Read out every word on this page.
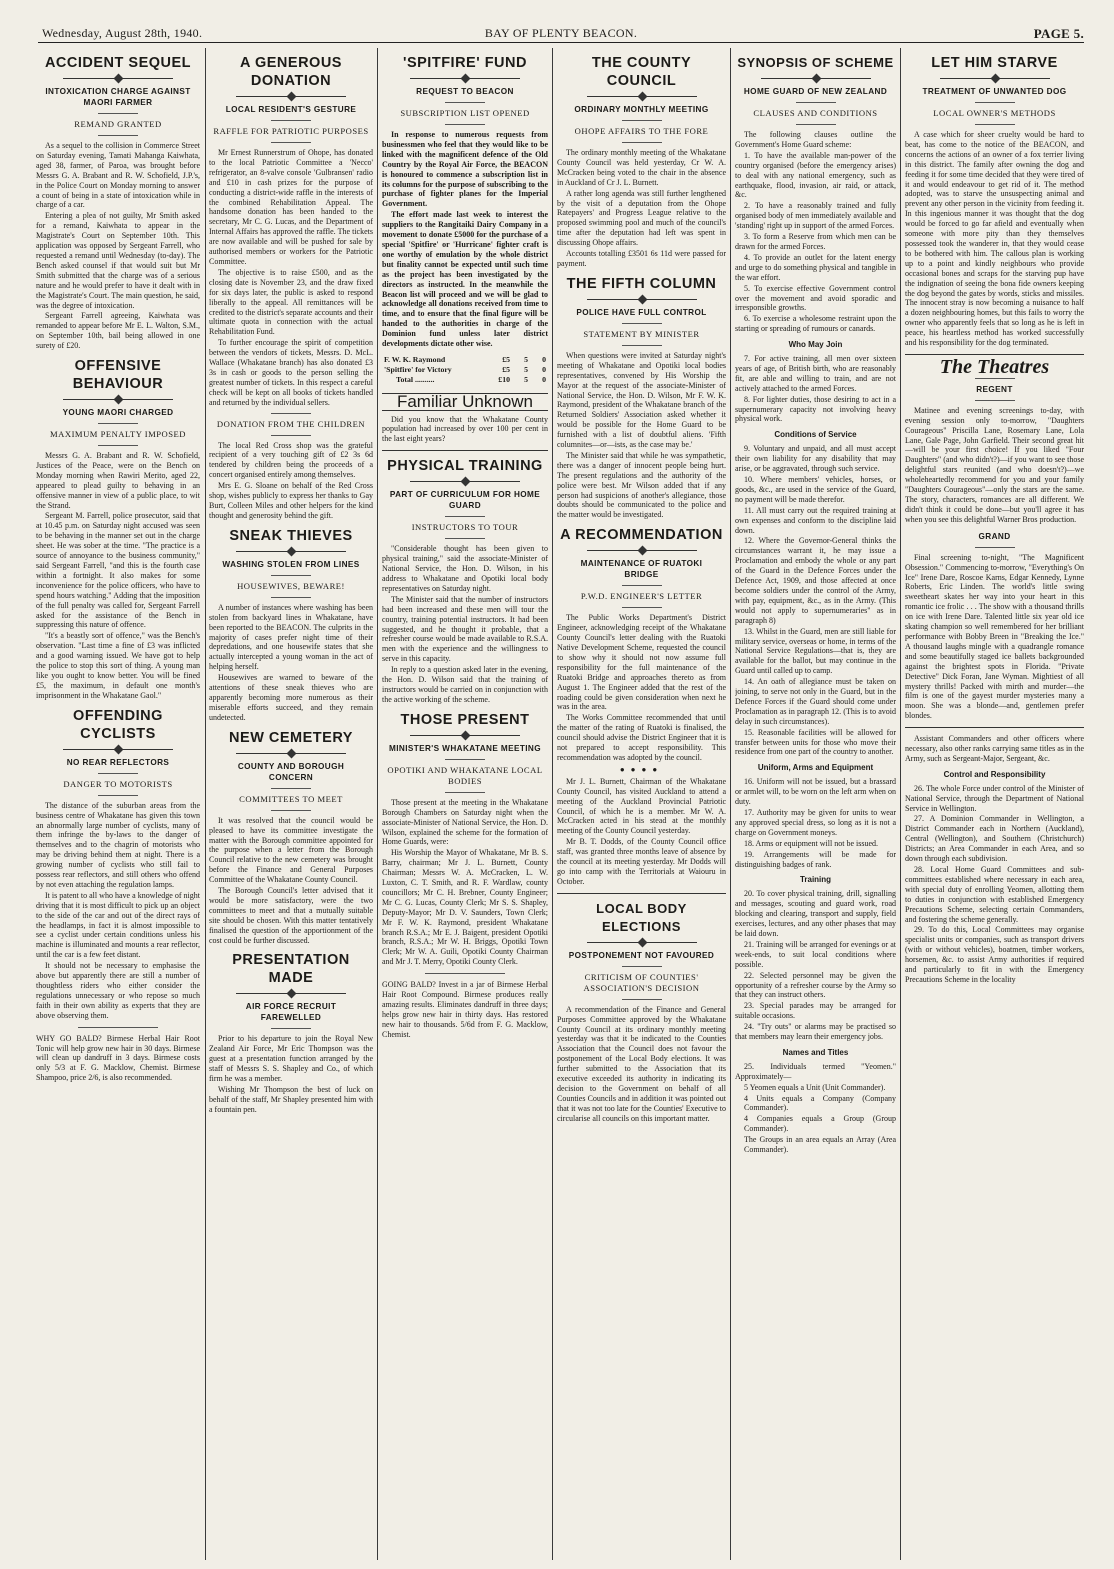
Wednesday, August 28th, 1940.	BAY OF PLENTY BEACON.	PAGE 5.
ACCIDENT SEQUEL
INTOXICATION CHARGE AGAINST MAORI FARMER
REMAND GRANTED

As a sequel to the collision in Commerce Street on Saturday evening, Tamati Mahanga Kaiwhata, aged 38, farmer, of Paroa, was brought before Messrs G. A. Brabant and R. W. Schofield, J.P.'s, in the Police Court on Monday morning to answer a count of being in a state of intoxication while in charge of a car.

Entering a plea of not guilty, Mr Smith asked for a remand, Kaiwhata to appear in the Magistrate's Court on September 10th. This application was opposed by Sergeant Farrell, who requested a remand until Wednesday (to-day). The Bench asked counsel if that would suit but Mr Smith submitted that the charge was of a serious nature and he would prefer to have it dealt with in the Magistrate's Court. The main question, he said, was the degree of intoxication.

Sergeant Farrell agreeing, Kaiwhata was remanded to appear before Mr E. L. Walton, S.M., on September 10th, bail being allowed in one surety of £20.

OFFENSIVE BEHAVIOUR
YOUNG MAORI CHARGED
MAXIMUM PENALTY IMPOSED

Messrs G. A. Brabant and R. W. Schofield, Justices of the Peace, were on the Bench on Monday morning when Rawiri Merito, aged 22, appeared to plead guilty to behaving in an offensive manner in view of a public place, to wit the Strand.

Sergeant M. Farrell, police prosecutor, said that at 10.45 p.m. on Saturday night accused was seen to be behaving in the manner set out in the charge sheet. He was sober at the time. "The practice is a source of annoyance to the business community," said Sergeant Farrell, "and this is the fourth case within a fortnight. It also makes for some inconvenience for the police officers, who have to spend hours watching." Adding that the imposition of the full penalty was called for, Sergeant Farrell asked for the assistance of the Bench in suppressing this nature of offence.

"It's a beastly sort of offence," was the Bench's observation. "Last time a fine of £3 was inflicted and a good warning issued. We have got to help the police to stop this sort of thing. A young man like you ought to know better. You will be fined £5, the maximum, in default one month's imprisonment in the Whakatane Gaol."

OFFENDING CYCLISTS
NO REAR REFLECTORS
DANGER TO MOTORISTS

The distance of the suburban areas from the business centre of Whakatane has given this town an abnormally large number of cyclists, many of them infringe the by-laws to the danger of themselves and to the chagrin of motorists who may be driving behind them at night. There is a growing number of cyclists who still fail to possess rear reflectors, and still others who offend by not even attaching the regulation lamps.

It is patent to all who have a knowledge of night driving that it is most difficult to pick up an object to the side of the car and out of the direct rays of the headlamps, in fact it is almost impossible to see a cyclist under certain conditions unless his machine is illuminated and mounts a rear reflector, until the car is a few feet distant.

It should not be necessary to emphasise the above but apparently there are still a number of thoughtless riders who either consider the regulations unnecessary or who repose so much faith in their own ability as experts that they are above observing them.

WHY GO BALD? Birmese Herbal Hair Root Tonic will help grow new hair in 30 days. Birmese will clean up dandruff in 3 days. Birmese costs only 5/3 at F. G. Macklow, Chemist. Birmese Shampoo, price 2/6, is also recommended.

A GENEROUS DONATION
LOCAL RESIDENT'S GESTURE
RAFFLE FOR PATRIOTIC PURPOSES

Mr Ernest Runnerstrum of Ohope, has donated to the local Patriotic Committee a 'Necco' refrigerator, an 8-valve console 'Gulbransen' radio and £10 in cash prizes for the purpose of conducting a district-wide raffle in the interests of the combined Rehabilitation Appeal. The handsome donation has been handed to the secretary, Mr C. G. Lucas, and the Department of Internal Affairs has approved the raffle. The tickets are now available and will be pushed for sale by authorised members or workers for the Patriotic Committee.

The objective is to raise £500, and as the closing date is November 23, and the draw fixed for six days later, the public is asked to respond liberally to the appeal. All remittances will be credited to the district's separate accounts and their ultimate quota in connection with the actual Rehabilitation Fund.

To further encourage the spirit of competition between the vendors of tickets, Messrs. D. McL. Wallace (Whakatane branch) has also donated £3 3s in cash or goods to the person selling the greatest number of tickets. In this respect a careful check will be kept on all books of tickets handled and returned by the individual sellers.

DONATION FROM THE CHILDREN

The local Red Cross shop was the grateful recipient of a very touching gift of £2 3s 6d tendered by children being the proceeds of a concert organised entirely among themselves.

Mrs E. G. Sloane on behalf of the Red Cross shop, wishes publicly to express her thanks to Gay Burt, Colleen Miles and other helpers for the kind thought and generosity behind the gift.

SNEAK THIEVES
WASHING STOLEN FROM LINES
HOUSEWIVES, BEWARE!

A number of instances where washing has been stolen from backyard lines in Whakatane, have been reported to the BEACON. The culprits in the majority of cases prefer night time of their depredations, and one housewife states that she actually intercepted a young woman in the act of helping herself.

Housewives are warned to beware of the attentions of these sneak thieves who are apparently becoming more numerous as their miserable efforts succeed, and they remain undetected.

NEW CEMETERY
COUNTY AND BOROUGH CONCERN
COMMITTEES TO MEET

It was resolved that the council would be pleased to have its committee investigate the matter with the Borough committee appointed for the purpose when a letter from the Borough Council relative to the new cemetery was brought before the Finance and General Purposes Committee of the Whakatane County Council.

The Borough Council's letter advised that it would be more satisfactory, were the two committees to meet and that a mutually suitable site should be chosen. With this matter tentatively finalised the question of the apportionment of the cost could be further discussed.

PRESENTATION MADE
AIR FORCE RECRUIT FAREWELLED

Prior to his departure to join the Royal New Zealand Air Force, Mr Eric Thompson was the guest at a presentation function arranged by the staff of Messrs S. S. Shapley and Co., of which firm he was a member.

Wishing Mr Thompson the best of luck on behalf of the staff, Mr Shapley presented him with a fountain pen.

'SPITFIRE' FUND
REQUEST TO BEACON
SUBSCRIPTION LIST OPENED

In response to numerous requests from businessmen who feel that they would like to be linked with the magnificent defence of the Old Country by the Royal Air Force, the BEACON is honoured to commence a subscription list in its columns for the purpose of subscribing to the purchase of fighter planes for the Imperial Government.

The effort made last week to interest the suppliers to the Rangitaiki Dairy Company in a movement to donate £5000 for the purchase of a special 'Spitfire' or 'Hurricane' fighter craft is one worthy of emulation by the whole district but finality cannot be expected until such time as the project has been investigated by the directors as instructed. In the meanwhile the Beacon list will proceed and we will be glad to acknowledge all donations received from time to time, and to ensure that the final figure will be handed to the authorities in charge of the Dominion fund unless later district developments dictate other wise.

F. W. K. Raymond	£5	5	0
'Spitfire' for Victory	£5	5	0
Total ..........	£10	5	0
Familiar Unknown

Did you know that the Whakatane County population had increased by over 100 per cent in the last eight years?

PHYSICAL TRAINING
PART OF CURRICULUM FOR HOME GUARD
INSTRUCTORS TO TOUR

"Considerable thought has been given to physical training," said the associate-Minister of National Service, the Hon. D. Wilson, in his address to Whakatane and Opotiki local body representatives on Saturday night.

The Minister said that the number of instructors had been increased and these men will tour the country, training potential instructors. It had been suggested, and he thought it probable, that a refresher course would be made available to R.S.A. men with the experience and the willingness to serve in this capacity.

In reply to a question asked later in the evening, the Hon. D. Wilson said that the training of instructors would be carried on in conjunction with the active working of the scheme.

THOSE PRESENT
MINISTER'S WHAKATANE MEETING
OPOTIKI AND WHAKATANE LOCAL BODIES

Those present at the meeting in the Whakatane Borough Chambers on Saturday night when the associate-Minister of National Service, the Hon. D. Wilson, explained the scheme for the formation of Home Guards, were:

His Worship the Mayor of Whakatane, Mr B. S. Barry, chairman; Mr J. L. Burnett, County Chairman; Messrs W. A. McCracken, L. W. Luxton, C. T. Smith, and R. F. Wardlaw, county councillors; Mr C. H. Brebner, County Engineer; Mr C. G. Lucas, County Clerk; Mr S. S. Shapley, Deputy-Mayor; Mr D. V. Saunders, Town Clerk; Mr F. W. K. Raymond, president Whakatane branch R.S.A.; Mr E. J. Baigent, president Opotiki branch, R.S.A.; Mr W. H. Briggs, Opotiki Town Clerk; Mr W. A. Guili, Opotiki County Chairman and Mr J. T. Merry, Opotiki County Clerk.

GOING BALD? Invest in a jar of Birmese Herbal Hair Root Compound. Birmese produces really amazing results. Eliminates dandruff in three days; helps grow new hair in thirty days. Has restored new hair to thousands. 5/6d from F. G. Macklow, Chemist.

THE COUNTY COUNCIL
ORDINARY MONTHLY MEETING
OHOPE AFFAIRS TO THE FORE

The ordinary monthly meeting of the Whakatane County Council was held yesterday, Cr W. A. McCracken being voted to the chair in the absence in Auckland of Cr J. L. Burnett.

A rather long agenda was still further lengthened by the visit of a deputation from the Ohope Ratepayers' and Progress League relative to the proposed swimming pool and much of the council's time after the deputation had left was spent in discussing Ohope affairs.

Accounts totalling £3501 6s 11d were passed for payment.

THE FIFTH COLUMN
POLICE HAVE FULL CONTROL
STATEMENT BY MINISTER

When questions were invited at Saturday night's meeting of Whakatane and Opotiki local bodies representatives, convened by His Worship the Mayor at the request of the associate-Minister of National Service, the Hon. D. Wilson, Mr F. W. K. Raymond, president of the Whakatane branch of the Returned Soldiers' Association asked whether it would be possible for the Home Guard to be furnished with a list of doubtful aliens. 'Fifth columnites—or—ists, as the case may be.'

The Minister said that while he was sympathetic, there was a danger of innocent people being hurt. The present regulations and the authority of the police were best. Mr Wilson added that if any person had suspicions of another's allegiance, those doubts should be communicated to the police and the matter would be investigated.

A RECOMMENDATION
MAINTENANCE OF RUATOKI BRIDGE
P.W.D. ENGINEER'S LETTER

The Public Works Department's District Engineer, acknowledging receipt of the Whakatane County Council's letter dealing with the Ruatoki Native Development Scheme, requested the council to show why it should not now assume full responsibility for the full maintenance of the Ruatoki Bridge and approaches thereto as from August 1. The Engineer added that the rest of the roading could be given consideration when next he was in the area.

The Works Committee recommended that until the matter of the rating of Ruatoki is finalised, the council should advise the District Engineer that it is not prepared to accept responsibility. This recommendation was adopted by the council.

●●●●

Mr J. L. Burnett, Chairman of the Whakatane County Council, has visited Auckland to attend a meeting of the Auckland Provincial Patriotic Council, of which he is a member. Mr W. A. McCracken acted in his stead at the monthly meeting of the County Council yesterday.

Mr B. T. Dodds, of the County Council office staff, was granted three months leave of absence by the council at its meeting yesterday. Mr Dodds will go into camp with the Territorials at Waiouru in October.

LOCAL BODY ELECTIONS
POSTPONEMENT NOT FAVOURED
CRITICISM OF COUNTIES' ASSOCIATION'S DECISION

A recommendation of the Finance and General Purposes Committee approved by the Whakatane County Council at its ordinary monthly meeting yesterday was that it be indicated to the Counties Association that the Council does not favour the postponement of the Local Body elections. It was further submitted to the Association that its executive exceeded its authority in indicating its decision to the Government on behalf of all Counties Councils and in addition it was pointed out that it was not too late for the Counties' Executive to circularise all councils on this important matter.

SYNOPSIS OF SCHEME
HOME GUARD OF NEW ZEALAND
CLAUSES AND CONDITIONS

The following clauses outline the Government's Home Guard scheme:

1. To have the available man-power of the country organised (before the emergency arises) to deal with any national emergency, such as earthquake, flood, invasion, air raid, or attack, &c.

2. To have a reasonably trained and fully organised body of men immediately available and 'standing' right up in support of the armed Forces.

3. To form a Reserve from which men can be drawn for the armed Forces.

4. To provide an outlet for the latent energy and urge to do something physical and tangible in the war effort.

5. To exercise effective Government control over the movement and avoid sporadic and irresponsible growths.

6. To exercise a wholesome restraint upon the starting or spreading of rumours or canards.

Who May Join

7. For active training, all men over sixteen years of age, of British birth, who are reasonably fit, are able and willing to train, and are not actively attached to the armed Forces.

8. For lighter duties, those desiring to act in a supernumerary capacity not involving heavy physical work.

Conditions of Service

9. Voluntary and unpaid, and all must accept their own liability for any disability that may arise, or be aggravated, through such service.

10. Where members' vehicles, horses, or goods, &c., are used in the service of the Guard, no payment will be made therefor.

11. All must carry out the required training at own expenses and conform to the discipline laid down.

12. Where the Governor-General thinks the circumstances warrant it, he may issue a Proclamation and embody the whole or any part of the Guard in the Defence Forces under the Defence Act, 1909, and those affected at once become soldiers under the control of the Army, with pay, equipment, &c., as in the Army. (This would not apply to supernumeraries" as in paragraph 8)

13. Whilst in the Guard, men are still liable for military service, overseas or home, in terms of the National Service Regulations—that is, they are available for the ballot, but may continue in the Guard until called up to camp.

14. An oath of allegiance must be taken on joining, to serve not only in the Guard, but in the Defence Forces if the Guard should come under Proclamation as in paragraph 12. (This is to avoid delay in such circumstances).

15. Reasonable facilities will be allowed for transfer between units for those who move their residence from one part of the country to another.

Uniform, Arms and Equipment

16. Uniform will not be issued, but a brassard or armlet will, to be worn on the left arm when on duty.

17. Authority may be given for units to wear any approved special dress, so long as it is not a charge on Government moneys.

18. Arms or equipment will not be issued.

19. Arrangements will be made for distinguishing badges of rank.

Training

20. To cover physical training, drill, signalling and messages, scouting and guard work, road blocking and clearing, transport and supply, field exercises, lectures, and any other phases that may be laid down.

21. Training will be arranged for evenings or at week-ends, to suit local conditions where possible.

22. Selected personnel may be given the opportunity of a refresher course by the Army so that they can instruct others.

23. Special parades may be arranged for suitable occasions.

24. "Try outs" or alarms may be practised so that members may learn their emergency jobs.

Names and Titles

25. Individuals termed "Yeomen." Approximately—

5 Yeomen equals a Unit (Unit Commander).

4 Units equals a Company (Company Commander).

4 Companies equals a Group (Group Commander).

The Groups in an area equals an Array (Area Commander).

LET HIM STARVE
TREATMENT OF UNWANTED DOG
LOCAL OWNER'S METHODS

A case which for sheer cruelty would be hard to beat, has come to the notice of the BEACON, and concerns the actions of an owner of a fox terrier living in this district. The family after owning the dog and feeding it for some time decided that they were tired of it and would endeavour to get rid of it. The method adopted, was to starve the unsuspecting animal and prevent any other person in the vicinity from feeding it. In this ingenious manner it was thought that the dog would be forced to go far afield and eventually when someone with more pity than they themselves possessed took the wanderer in, that they would cease to be bothered with him. The callous plan is working up to a point and kindly neighbours who provide occasional bones and scraps for the starving pup have the indignation of seeing the bona fide owners keeping the dog beyond the gates by words, sticks and missiles. The innocent stray is now becoming a nuisance to half a dozen neighbouring homes, but this fails to worry the owner who apparently feels that so long as he is left in peace, his heartless method has worked successfully and his responsibility for the dog terminated.

The Theatres
REGENT

Matinee and evening screenings to-day, with evening session only to-morrow, "Daughters Courageous" Priscilla Lane, Rosemary Lane, Lola Lane, Gale Page, John Garfield. Their second great hit—will be your first choice! If you liked "Four Daughters" (and who didn't?)—if you want to see those delightful stars reunited (and who doesn't?)—we wholeheartedly recommend for you and your family "Daughters Courageous"—only the stars are the same. The story, characters, romances are all different. We didn't think it could be done—but you'll agree it has when you see this delightful Warner Bros production.

GRAND

Final screening to-night, "The Magnificent Obsession." Commencing to-morrow, "Everything's On Ice" Irene Dare, Roscoe Karns, Edgar Kennedy, Lynne Roberts, Eric Linden. The world's little swing sweetheart skates her way into your heart in this romantic ice frolic . . . The show with a thousand thrills on ice with Irene Dare. Talented little six year old ice skating champion so well remembered for her brilliant performance with Bobby Breen in "Breaking the Ice." A thousand laughs mingle with a quadrangle romance and some beautifully staged ice ballets backgrounded against the brightest spots in Florida. "Private Detective" Dick Foran, Jane Wyman. Mightiest of all mystery thrills! Packed with mirth and murder—the film is one of the gayest murder mysteries many a moon. She was a blonde—and, gentlemen prefer blondes.

Assistant Commanders and other officers where necessary, also other ranks carrying same titles as in the Army, such as Sergeant-Major, Sergeant, &c.

Control and Responsibility

26. The whole Force under control of the Minister of National Service, through the Department of National Service in Wellington.

27. A Dominion Commander in Wellington, a District Commander each in Northern (Auckland), Central (Wellington), and Southern (Christchurch) Districts; an Area Commander in each Area, and so down through each subdivision.

28. Local Home Guard Committees and sub-committees established where necessary in each area, with special duty of enrolling Yeomen, allotting them to duties in conjunction with established Emergency Precautions Scheme, selecting certain Commanders, and fostering the scheme generally.

29. To do this, Local Committees may organise specialist units or companies, such as transport drivers (with or without vehicles), boatmen, timber workers, horsemen, &c. to assist Army authorities if required and particularly to fit in with the Emergency Precautions Scheme in the locality
